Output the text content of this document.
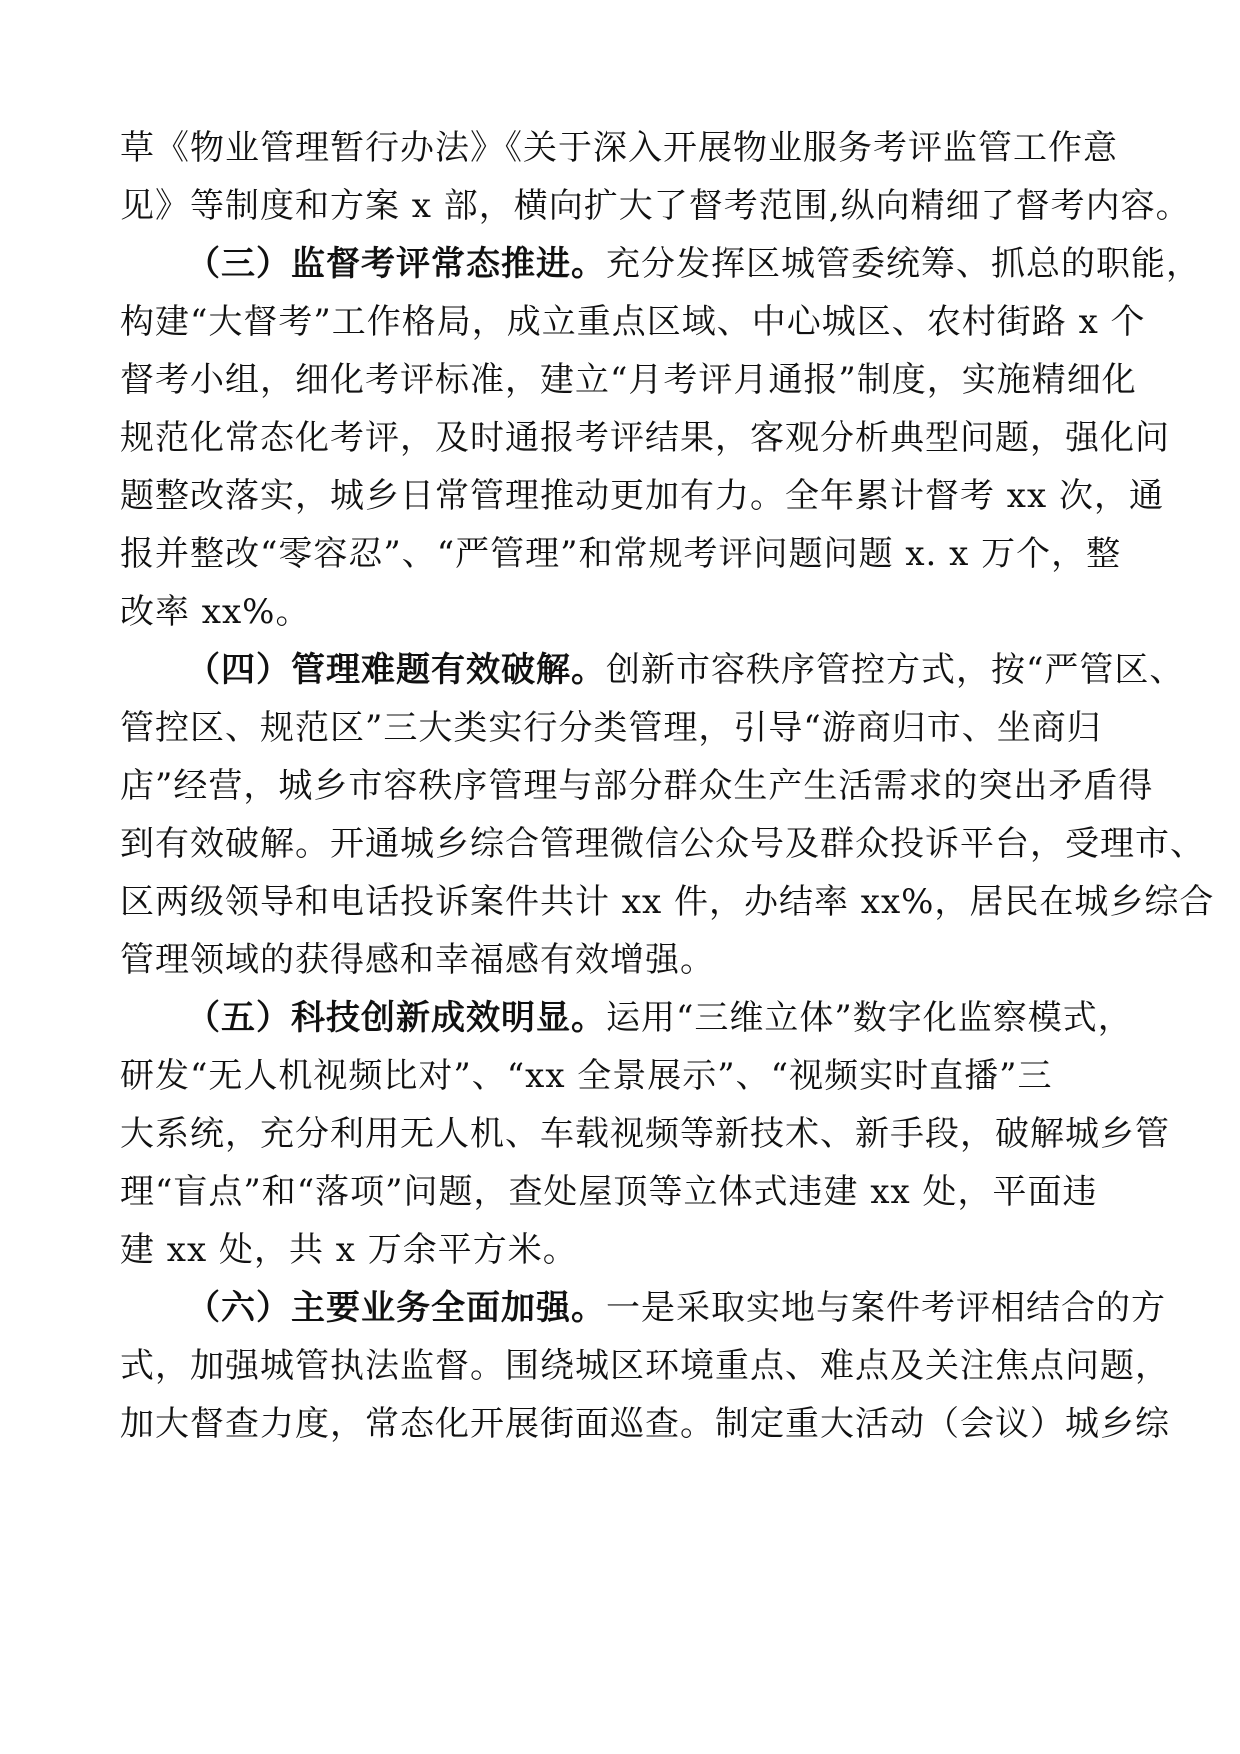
草《物业管理暂行办法》《关于深入开展物业服务考评监管工作意
见》等制度和方案 x 部，横向扩大了督考范围,纵向精细了督考内容。
（三）监督考评常态推进。充分发挥区城管委统筹、抓总的职能，
构建“大督考”工作格局，成立重点区域、中心城区、农村街路 x 个
督考小组，细化考评标准，建立“月考评月通报”制度，实施精细化
规范化常态化考评，及时通报考评结果，客观分析典型问题，强化问
题整改落实，城乡日常管理推动更加有力。全年累计督考 xx 次，通
报并整改“零容忍”、“严管理”和常规考评问题问题 x. x 万个，整
改率 xx%。
（四）管理难题有效破解。创新市容秩序管控方式，按“严管区、
管控区、规范区”三大类实行分类管理，引导“游商归市、坐商归
店”经营，城乡市容秩序管理与部分群众生产生活需求的突出矛盾得
到有效破解。开通城乡综合管理微信公众号及群众投诉平台，受理市、
区两级领导和电话投诉案件共计 xx 件，办结率 xx%，居民在城乡综合
管理领域的获得感和幸福感有效增强。
（五）科技创新成效明显。运用“三维立体”数字化监察模式，
研发“无人机视频比对”、“xx 全景展示”、“视频实时直播”三
大系统，充分利用无人机、车载视频等新技术、新手段，破解城乡管
理“盲点”和“落项”问题，查处屋顶等立体式违建 xx 处，平面违
建 xx 处，共 x 万余平方米。
（六）主要业务全面加强。一是采取实地与案件考评相结合的方
式，加强城管执法监督。围绕城区环境重点、难点及关注焦点问题，
加大督查力度，常态化开展街面巡查。制定重大活动（会议）城乡综
